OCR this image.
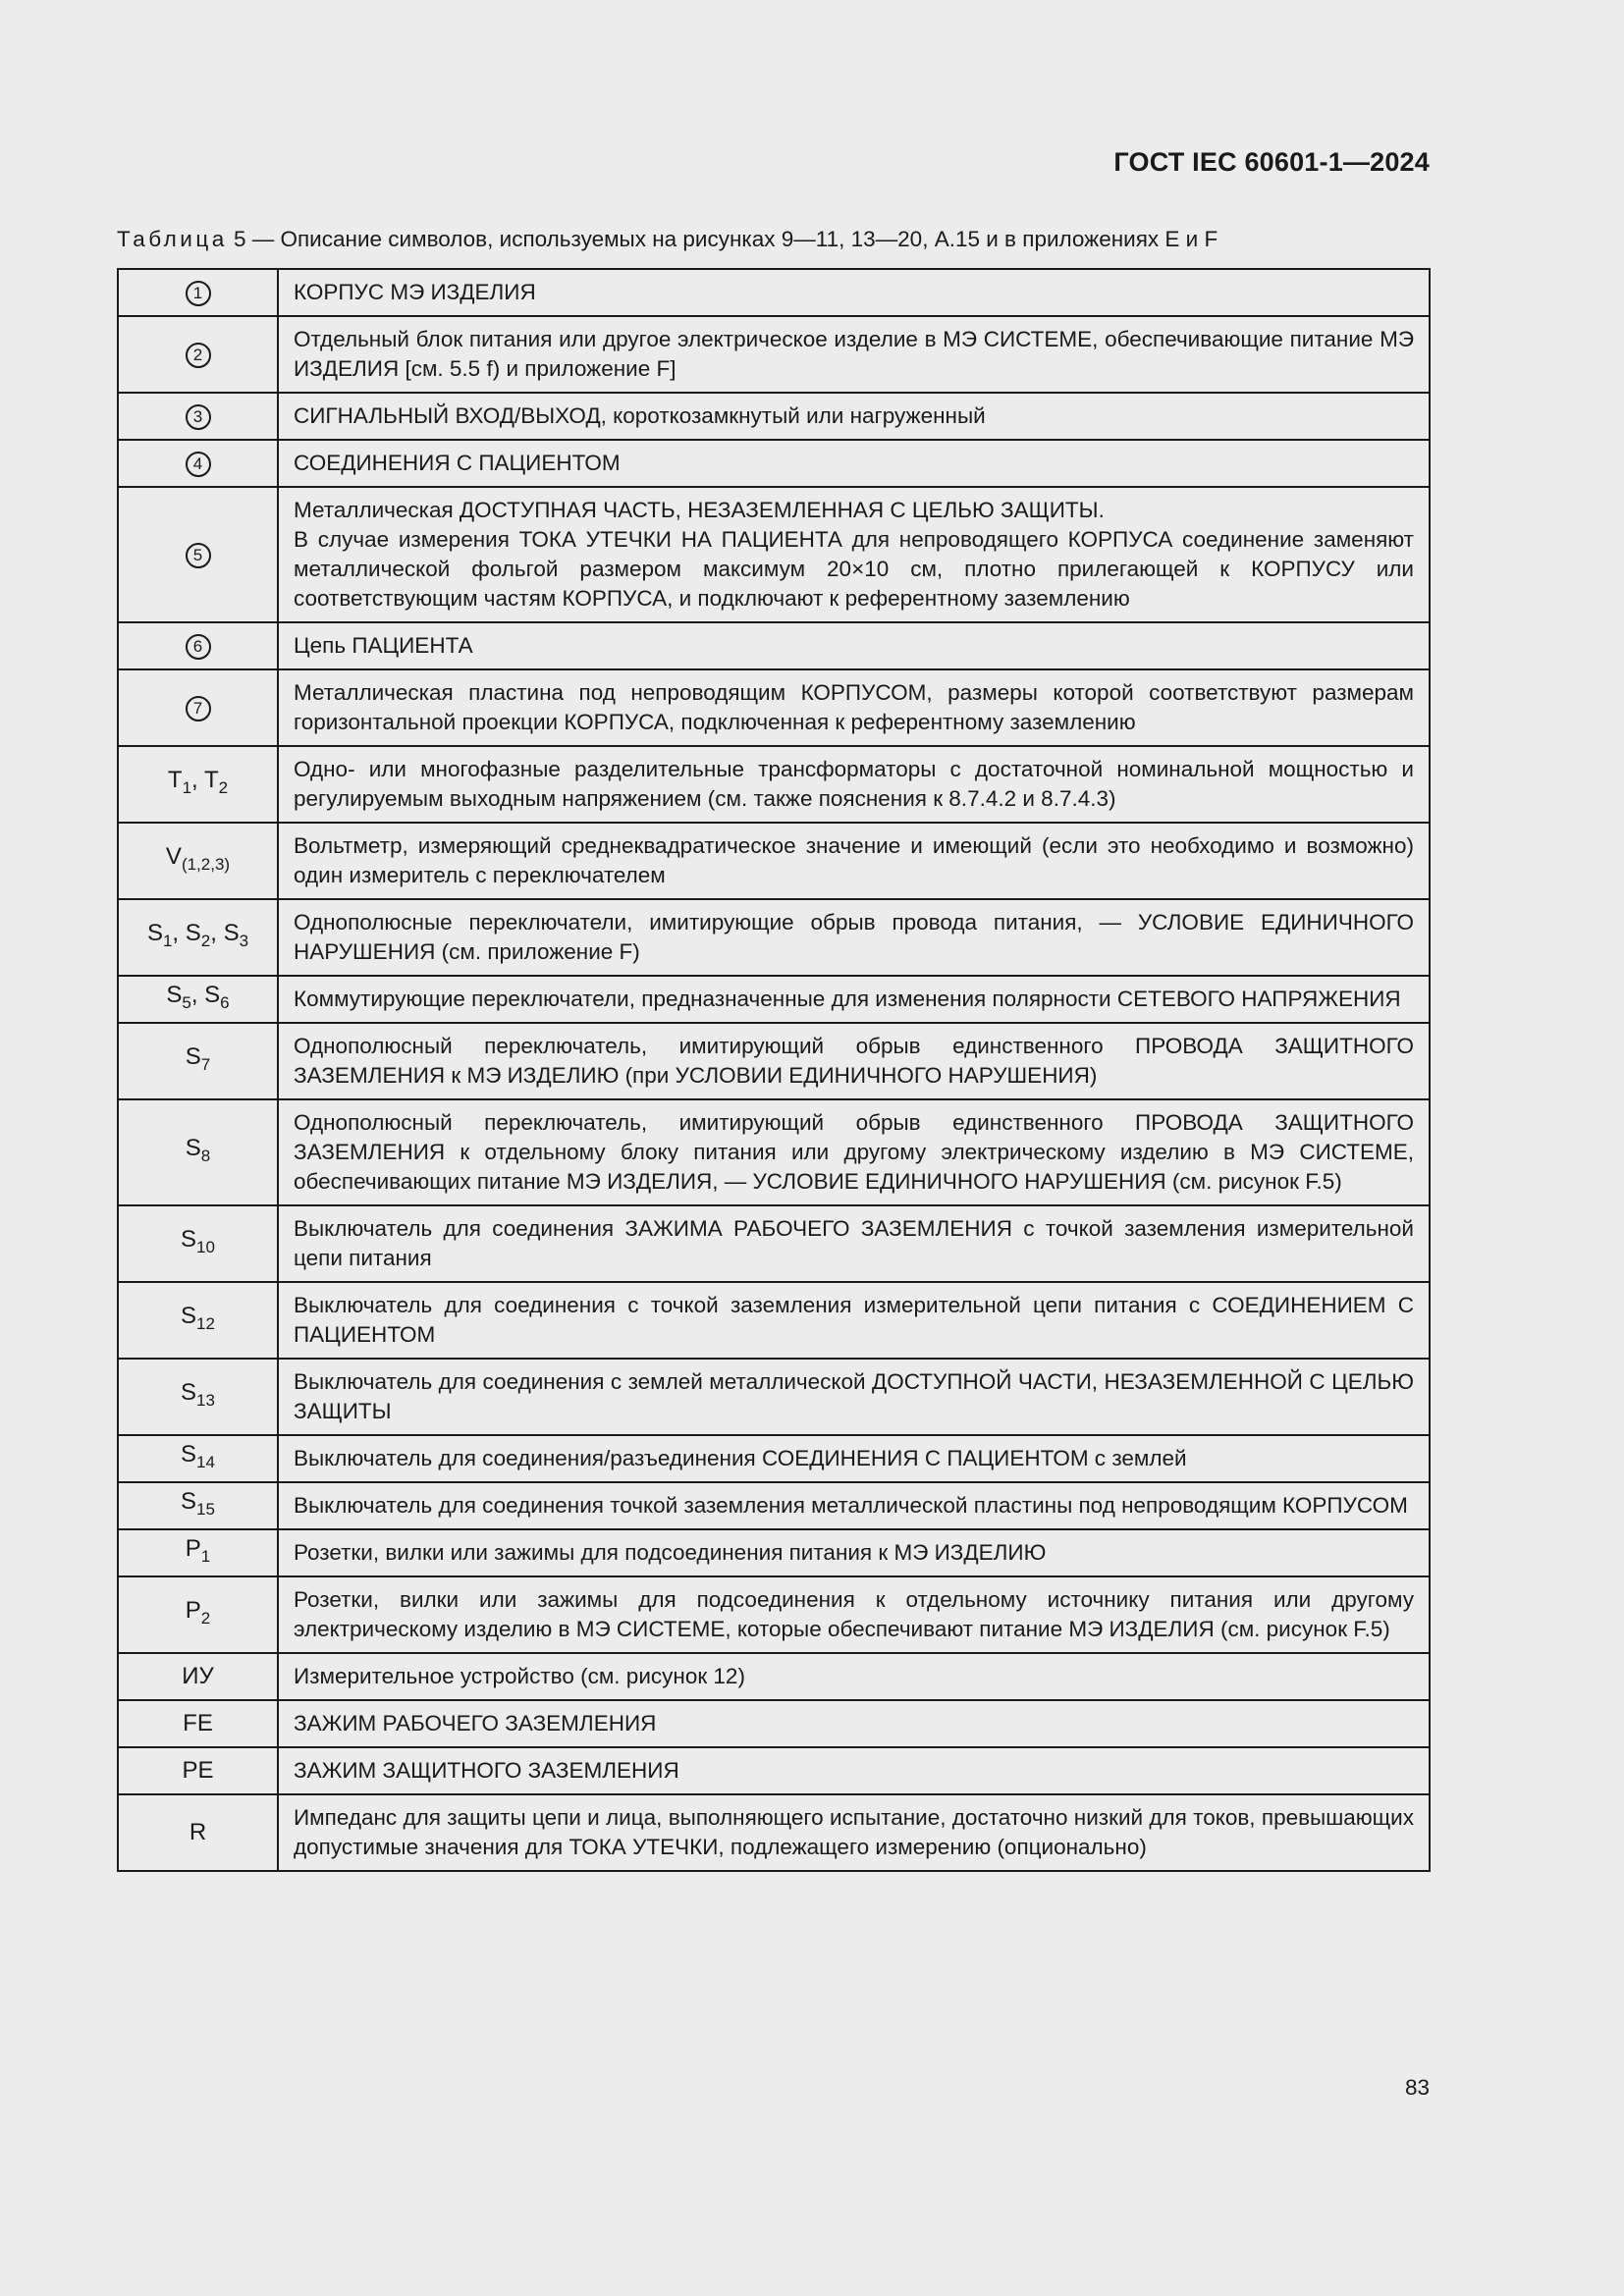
ГОСТ IEC 60601-1—2024
Таблица 5 — Описание символов, используемых на рисунках 9—11, 13—20, А.15 и в приложениях Е и F
1	КОРПУС МЭ ИЗДЕЛИЯ

2	Отдельный блок питания или другое электрическое изделие в МЭ СИСТЕМЕ, обеспечивающие питание МЭ ИЗДЕЛИЯ [см. 5.5 f) и приложение F]

3	СИГНАЛЬНЫЙ ВХОД/ВЫХОД, короткозамкнутый или нагруженный

4	СОЕДИНЕНИЯ С ПАЦИЕНТОМ

5	Металлическая ДОСТУПНАЯ ЧАСТЬ, НЕЗАЗЕМЛЕННАЯ С ЦЕЛЬЮ ЗАЩИТЫ.
В случае измерения ТОКА УТЕЧКИ НА ПАЦИЕНТА для непроводящего КОРПУСА соединение заменяют металлической фольгой размером максимум 20×10 см, плотно прилегающей к КОРПУСУ или соответствующим частям КОРПУСА, и подключают к референтному заземлению

6	Цепь ПАЦИЕНТА

7	Металлическая пластина под непроводящим КОРПУСОМ, размеры которой соответствуют размерам горизонтальной проекции КОРПУСА, подключенная к референтному заземлению

$T_1$, $T_2$	Одно- или многофазные разделительные трансформаторы с достаточной номинальной мощностью и регулируемым выходным напряжением (см. также пояснения к 8.7.4.2 и 8.7.4.3)

$V_{(1,2,3)}$	Вольтметр, измеряющий среднеквадратическое значение и имеющий (если это необходимо и возможно) один измеритель с переключателем

$S_1$, $S_2$, $S_3$	Однополюсные переключатели, имитирующие обрыв провода питания, — УСЛОВИЕ ЕДИНИЧНОГО НАРУШЕНИЯ (см. приложение F)

$S_5$, $S_6$	Коммутирующие переключатели, предназначенные для изменения полярности СЕТЕВОГО НАПРЯЖЕНИЯ

$S_7$	Однополюсный переключатель, имитирующий обрыв единственного ПРОВОДА ЗАЩИТНОГО ЗАЗЕМЛЕНИЯ к МЭ ИЗДЕЛИЮ (при УСЛОВИИ ЕДИНИЧНОГО НАРУШЕНИЯ)

$S_8$	Однополюсный переключатель, имитирующий обрыв единственного ПРОВОДА ЗАЩИТНОГО ЗАЗЕМЛЕНИЯ к отдельному блоку питания или другому электрическому изделию в МЭ СИСТЕМЕ, обеспечивающих питание МЭ ИЗДЕЛИЯ, — УСЛОВИЕ ЕДИНИЧНОГО НАРУШЕНИЯ (см. рисунок F.5)

$S_{10}$	Выключатель для соединения ЗАЖИМА РАБОЧЕГО ЗАЗЕМЛЕНИЯ с точкой заземления измерительной цепи питания

$S_{12}$	Выключатель для соединения с точкой заземления измерительной цепи питания с СОЕДИНЕНИЕМ С ПАЦИЕНТОМ

$S_{13}$	Выключатель для соединения с землей металлической ДОСТУПНОЙ ЧАСТИ, НЕЗАЗЕМЛЕННОЙ С ЦЕЛЬЮ ЗАЩИТЫ

$S_{14}$	Выключатель для соединения/разъединения СОЕДИНЕНИЯ С ПАЦИЕНТОМ с землей

$S_{15}$	Выключатель для соединения точкой заземления металлической пластины под непроводящим КОРПУСОМ

$P_1$	Розетки, вилки или зажимы для подсоединения питания к МЭ ИЗДЕЛИЮ

$P_2$	Розетки, вилки или зажимы для подсоединения к отдельному источнику питания или другому электрическому изделию в МЭ СИСТЕМЕ, которые обеспечивают питание МЭ ИЗДЕЛИЯ (см. рисунок F.5)

ИУ	Измерительное устройство (см. рисунок 12)

FE	ЗАЖИМ РАБОЧЕГО ЗАЗЕМЛЕНИЯ

PE	ЗАЖИМ ЗАЩИТНОГО ЗАЗЕМЛЕНИЯ

R	Импеданс для защиты цепи и лица, выполняющего испытание, достаточно низкий для токов, превышающих допустимые значения для ТОКА УТЕЧКИ, подлежащего измерению (опционально)
83
